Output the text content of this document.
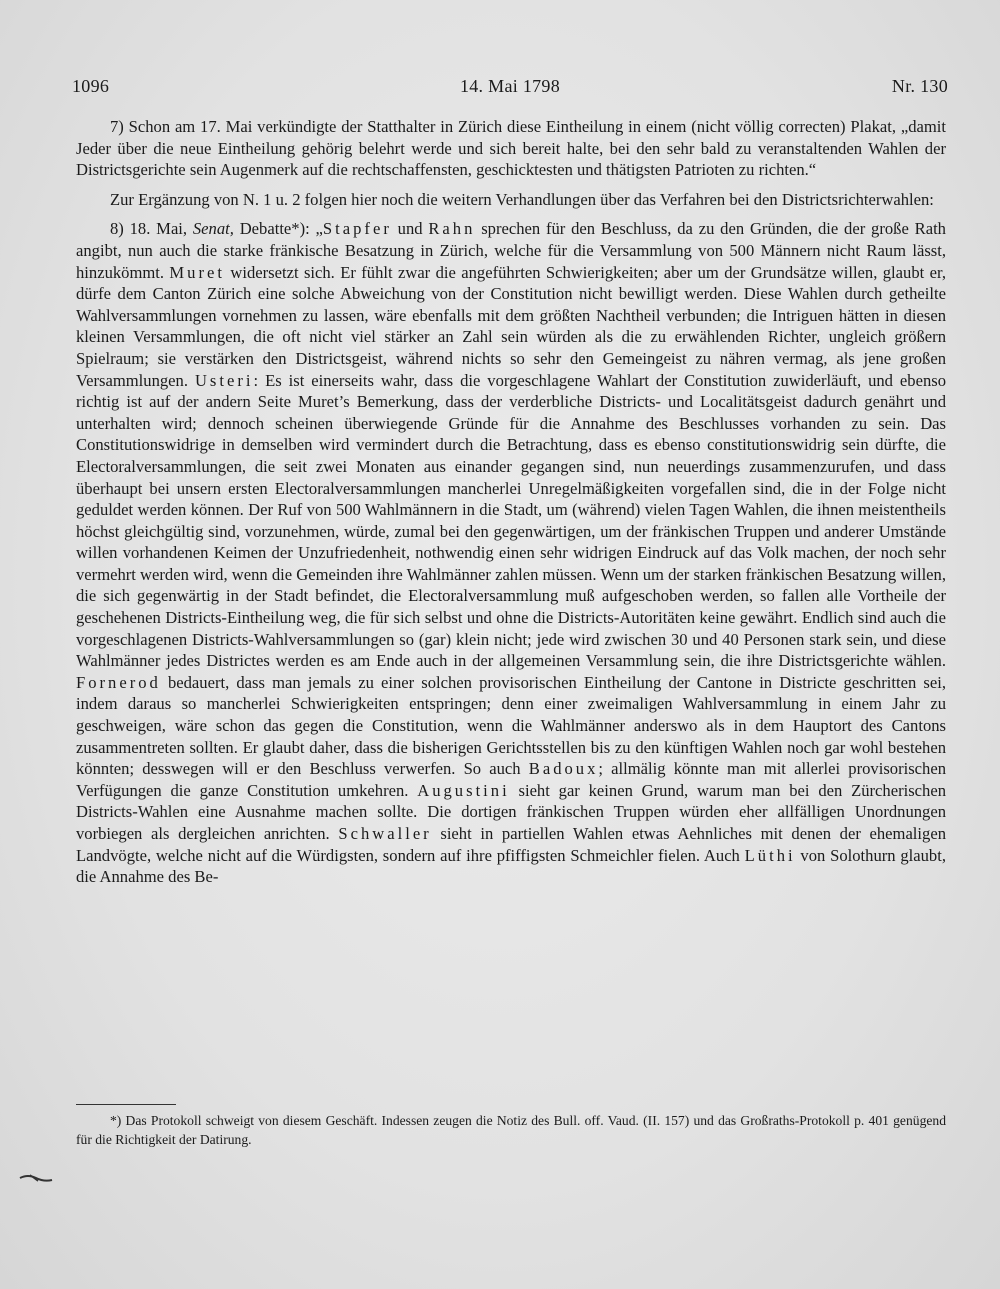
1096	14. Mai 1798	Nr. 130

7) Schon am 17. Mai verkündigte der Statthalter in Zürich diese Eintheilung in einem (nicht völlig correcten) Plakat, „damit Jeder über die neue Eintheilung gehörig belehrt werde und sich bereit halte, bei den sehr bald zu veranstaltenden Wahlen der Districtsgerichte sein Augenmerk auf die rechtschaffensten, geschicktesten und thätigsten Patrioten zu richten.“

Zur Ergänzung von N. 1 u. 2 folgen hier noch die weitern Verhandlungen über das Verfahren bei den Districtsrichterwahlen:

8) 18. Mai, Senat, Debatte*): „Stapfer und Rahn sprechen für den Beschluss, da zu den Gründen, die der große Rath angibt, nun auch die starke fränkische Besatzung in Zürich, welche für die Versammlung von 500 Männern nicht Raum lässt, hinzukömmt. Muret widersetzt sich. Er fühlt zwar die angeführten Schwierigkeiten; aber um der Grundsätze willen, glaubt er, dürfe dem Canton Zürich eine solche Abweichung von der Constitution nicht bewilligt werden. Diese Wahlen durch getheilte Wahlversammlungen vornehmen zu lassen, wäre ebenfalls mit dem größten Nachtheil verbunden; die Intriguen hätten in diesen kleinen Versammlungen, die oft nicht viel stärker an Zahl sein würden als die zu erwählenden Richter, ungleich größern Spielraum; sie verstärken den Districtsgeist, während nichts so sehr den Gemeingeist zu nähren vermag, als jene großen Versammlungen. Usteri: Es ist einerseits wahr, dass die vorgeschlagene Wahlart der Constitution zuwiderläuft, und ebenso richtig ist auf der andern Seite Muret’s Bemerkung, dass der verderbliche Districts- und Localitätsgeist dadurch genährt und unterhalten wird; dennoch scheinen überwiegende Gründe für die Annahme des Beschlusses vorhanden zu sein. Das Constitutionswidrige in demselben wird vermindert durch die Betrachtung, dass es ebenso constitutionswidrig sein dürfte, die Electoralversammlungen, die seit zwei Monaten aus einander gegangen sind, nun neuerdings zusammenzurufen, und dass überhaupt bei unsern ersten Electoralversammlungen mancherlei Unregelmäßigkeiten vorgefallen sind, die in der Folge nicht geduldet werden können. Der Ruf von 500 Wahlmännern in die Stadt, um (während) vielen Tagen Wahlen, die ihnen meistentheils höchst gleichgültig sind, vorzunehmen, würde, zumal bei den gegenwärtigen, um der fränkischen Truppen und anderer Umstände willen vorhandenen Keimen der Unzufriedenheit, nothwendig einen sehr widrigen Eindruck auf das Volk machen, der noch sehr vermehrt werden wird, wenn die Gemeinden ihre Wahlmänner zahlen müssen. Wenn um der starken fränkischen Besatzung willen, die sich gegenwärtig in der Stadt befindet, die Electoralversammlung muß aufgeschoben werden, so fallen alle Vortheile der geschehenen Districts-Eintheilung weg, die für sich selbst und ohne die Districts-Autoritäten keine gewährt. Endlich sind auch die vorgeschlagenen Districts-Wahlversammlungen so (gar) klein nicht; jede wird zwischen 30 und 40 Personen stark sein, und diese Wahlmänner jedes Districtes werden es am Ende auch in der allgemeinen Versammlung sein, die ihre Districtsgerichte wählen. Fornerod bedauert, dass man jemals zu einer solchen provisorischen Eintheilung der Cantone in Districte geschritten sei, indem daraus so mancherlei Schwierigkeiten entspringen; denn einer zweimaligen Wahlversammlung in einem Jahr zu geschweigen, wäre schon das gegen die Constitution, wenn die Wahlmänner anderswo als in dem Hauptort des Cantons zusammentreten sollten. Er glaubt daher, dass die bisherigen Gerichtsstellen bis zu den künftigen Wahlen noch gar wohl bestehen könnten; desswegen will er den Beschluss verwerfen. So auch Badoux; allmälig könnte man mit allerlei provisorischen Verfügungen die ganze Constitution umkehren. Augustini sieht gar keinen Grund, warum man bei den Zürcherischen Districts-Wahlen eine Ausnahme machen sollte. Die dortigen fränkischen Truppen würden eher allfälligen Unordnungen vorbiegen als dergleichen anrichten. Schwaller sieht in partiellen Wahlen etwas Aehnliches mit denen der ehemaligen Landvögte, welche nicht auf die Würdigsten, sondern auf ihre pfiffigsten Schmeichler fielen. Auch Lüthi von Solothurn glaubt, die Annahme des Be-

*) Das Protokoll schweigt von diesem Geschäft. Indessen zeugen die Notiz des Bull. off. Vaud. (II. 157) und das Großraths-Protokoll p. 401 genügend für die Richtigkeit der Datirung.
